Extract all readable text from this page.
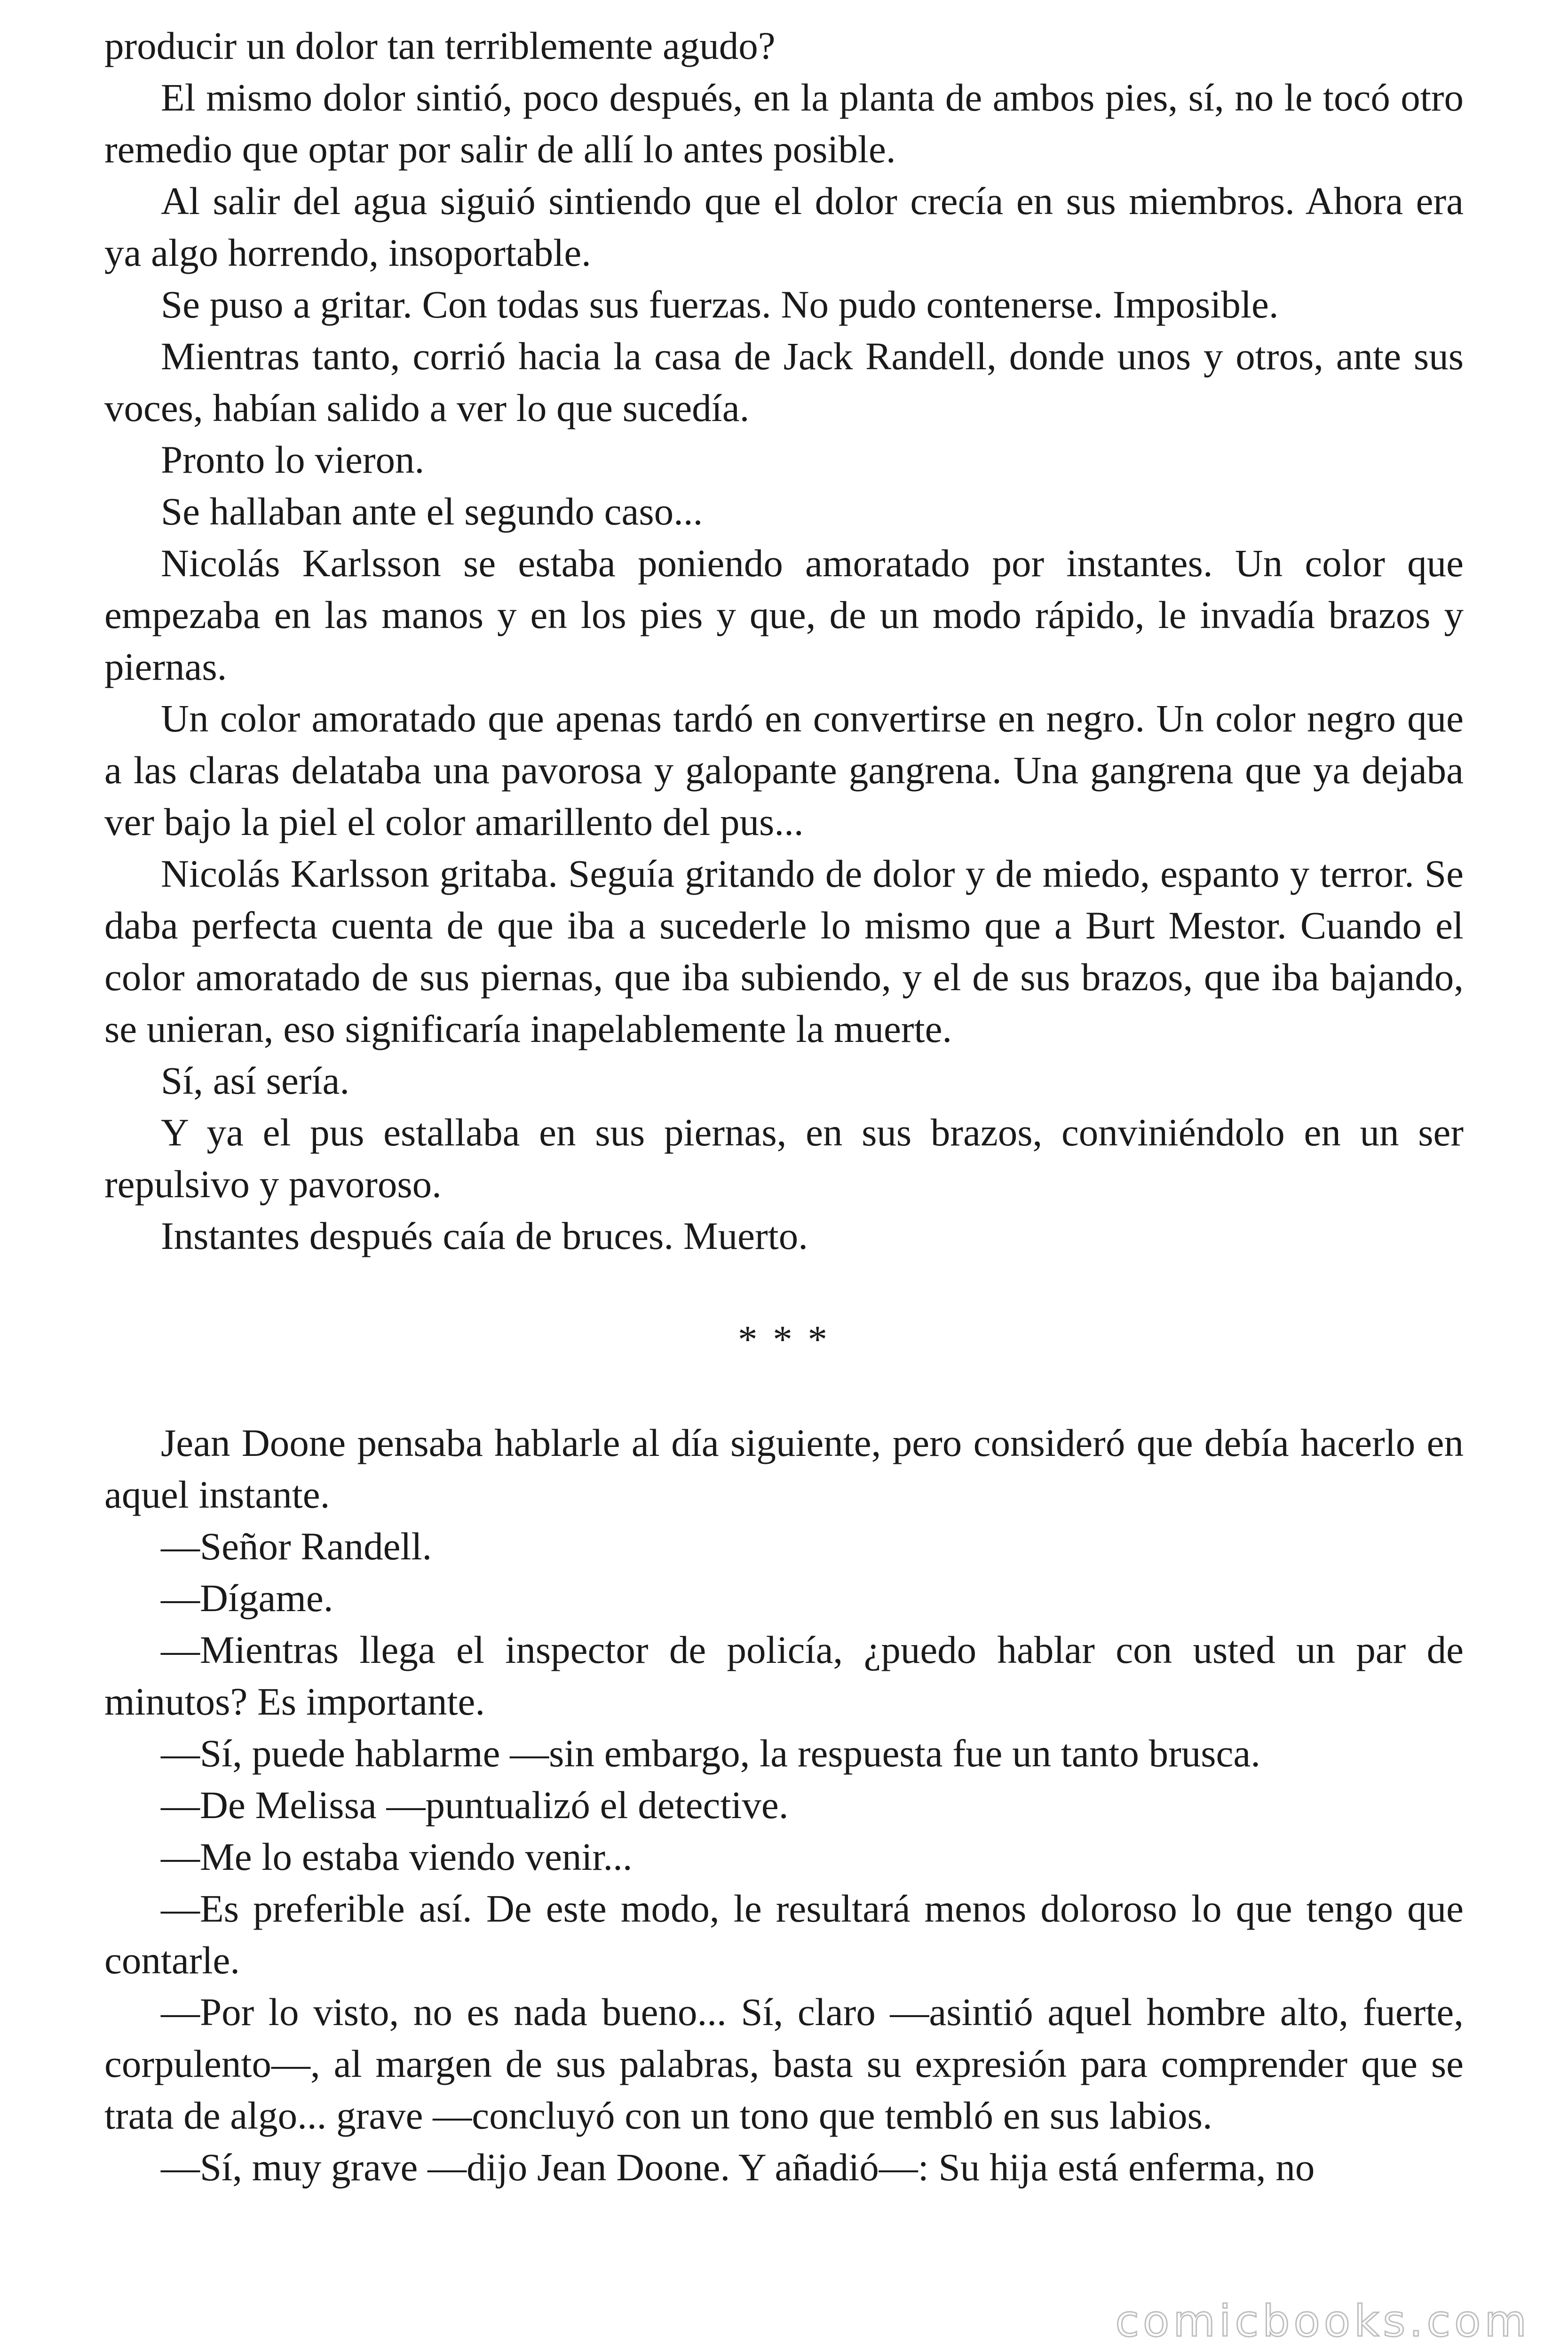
producir un dolor tan terriblemente agudo?

El mismo dolor sintió, poco después, en la planta de ambos pies, sí, no le tocó otro remedio que optar por salir de allí lo antes posible.

Al salir del agua siguió sintiendo que el dolor crecía en sus miembros. Ahora era ya algo horrendo, insoportable.

Se puso a gritar. Con todas sus fuerzas. No pudo contenerse. Imposible.

Mientras tanto, corrió hacia la casa de Jack Randell, donde unos y otros, ante sus voces, habían salido a ver lo que sucedía.

Pronto lo vieron.

Se hallaban ante el segundo caso...

Nicolás Karlsson se estaba poniendo amoratado por instantes. Un color que empezaba en las manos y en los pies y que, de un modo rápido, le invadía brazos y piernas.

Un color amoratado que apenas tardó en convertirse en negro. Un color negro que a las claras delataba una pavorosa y galopante gangrena. Una gangrena que ya dejaba ver bajo la piel el color amarillento del pus...

Nicolás Karlsson gritaba. Seguía gritando de dolor y de miedo, espanto y terror. Se daba perfecta cuenta de que iba a sucederle lo mismo que a Burt Mestor. Cuando el color amoratado de sus piernas, que iba subiendo, y el de sus brazos, que iba bajando, se unieran, eso significaría inapelablemente la muerte.

Sí, así sería.

Y ya el pus estallaba en sus piernas, en sus brazos, conviniéndolo en un ser repulsivo y pavoroso.

Instantes después caía de bruces. Muerto.

* * *

Jean Doone pensaba hablarle al día siguiente, pero consideró que debía hacerlo en aquel instante.

—Señor Randell.

—Dígame.

—Mientras llega el inspector de policía, ¿puedo hablar con usted un par de minutos? Es importante.

—Sí, puede hablarme —sin embargo, la respuesta fue un tanto brusca.

—De Melissa —puntualizó el detective.

—Me lo estaba viendo venir...

—Es preferible así. De este modo, le resultará menos doloroso lo que tengo que contarle.

—Por lo visto, no es nada bueno... Sí, claro —asintió aquel hombre alto, fuerte, corpulento—, al margen de sus palabras, basta su expresión para comprender que se trata de algo... grave —concluyó con un tono que tembló en sus labios.

—Sí, muy grave —dijo Jean Doone. Y añadió—: Su hija está enferma, no

comicbooks.com
